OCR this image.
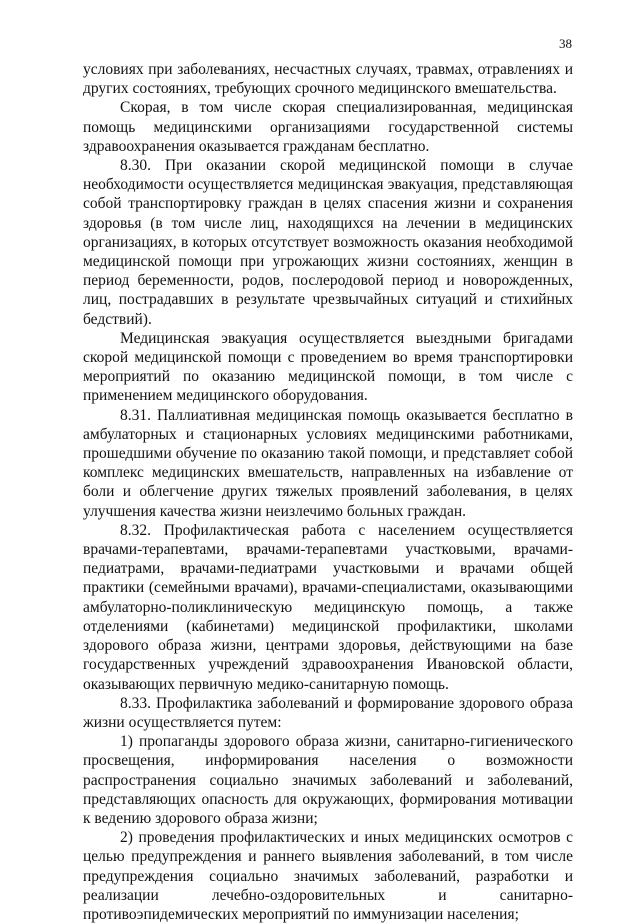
38

условиях при заболеваниях, несчастных случаях, травмах, отравлениях и других состояниях, требующих срочного медицинского вмешательства.

Скорая, в том числе скорая специализированная, медицинская помощь медицинскими организациями государственной системы здравоохранения оказывается гражданам бесплатно.

8.30. При оказании скорой медицинской помощи в случае необходимости осуществляется медицинская эвакуация, представляющая собой транспортировку граждан в целях спасения жизни и сохранения здоровья (в том числе лиц, находящихся на лечении в медицинских организациях, в которых отсутствует возможность оказания необходимой медицинской помощи при угрожающих жизни состояниях, женщин в период беременности, родов, послеродовой период и новорожденных, лиц, пострадавших в результате чрезвычайных ситуаций и стихийных бедствий).

Медицинская эвакуация осуществляется выездными бригадами скорой медицинской помощи с проведением во время транспортировки мероприятий по оказанию медицинской помощи, в том числе с применением медицинского оборудования.

8.31. Паллиативная медицинская помощь оказывается бесплатно в амбулаторных и стационарных условиях медицинскими работниками, прошедшими обучение по оказанию такой помощи, и представляет собой комплекс медицинских вмешательств, направленных на избавление от боли и облегчение других тяжелых проявлений заболевания, в целях улучшения качества жизни неизлечимо больных граждан.

8.32. Профилактическая работа с населением осуществляется врачами-терапевтами, врачами-терапевтами участковыми, врачами-педиатрами, врачами-педиатрами участковыми и врачами общей практики (семейными врачами), врачами-специалистами, оказывающими амбулаторно-поликлиническую медицинскую помощь, а также отделениями (кабинетами) медицинской профилактики, школами здорового образа жизни, центрами здоровья, действующими на базе государственных учреждений здравоохранения Ивановской области, оказывающих первичную медико-санитарную помощь.

8.33. Профилактика заболеваний и формирование здорового образа жизни осуществляется путем:

1) пропаганды здорового образа жизни, санитарно-гигиенического просвещения, информирования населения о возможности распространения социально значимых заболеваний и заболеваний, представляющих опасность для окружающих, формирования мотивации к ведению здорового образа жизни;

2) проведения профилактических и иных медицинских осмотров с целью предупреждения и раннего выявления заболеваний, в том числе предупреждения социально значимых заболеваний, разработки и реализации лечебно-оздоровительных и санитарно-противоэпидемических мероприятий по иммунизации населения;
